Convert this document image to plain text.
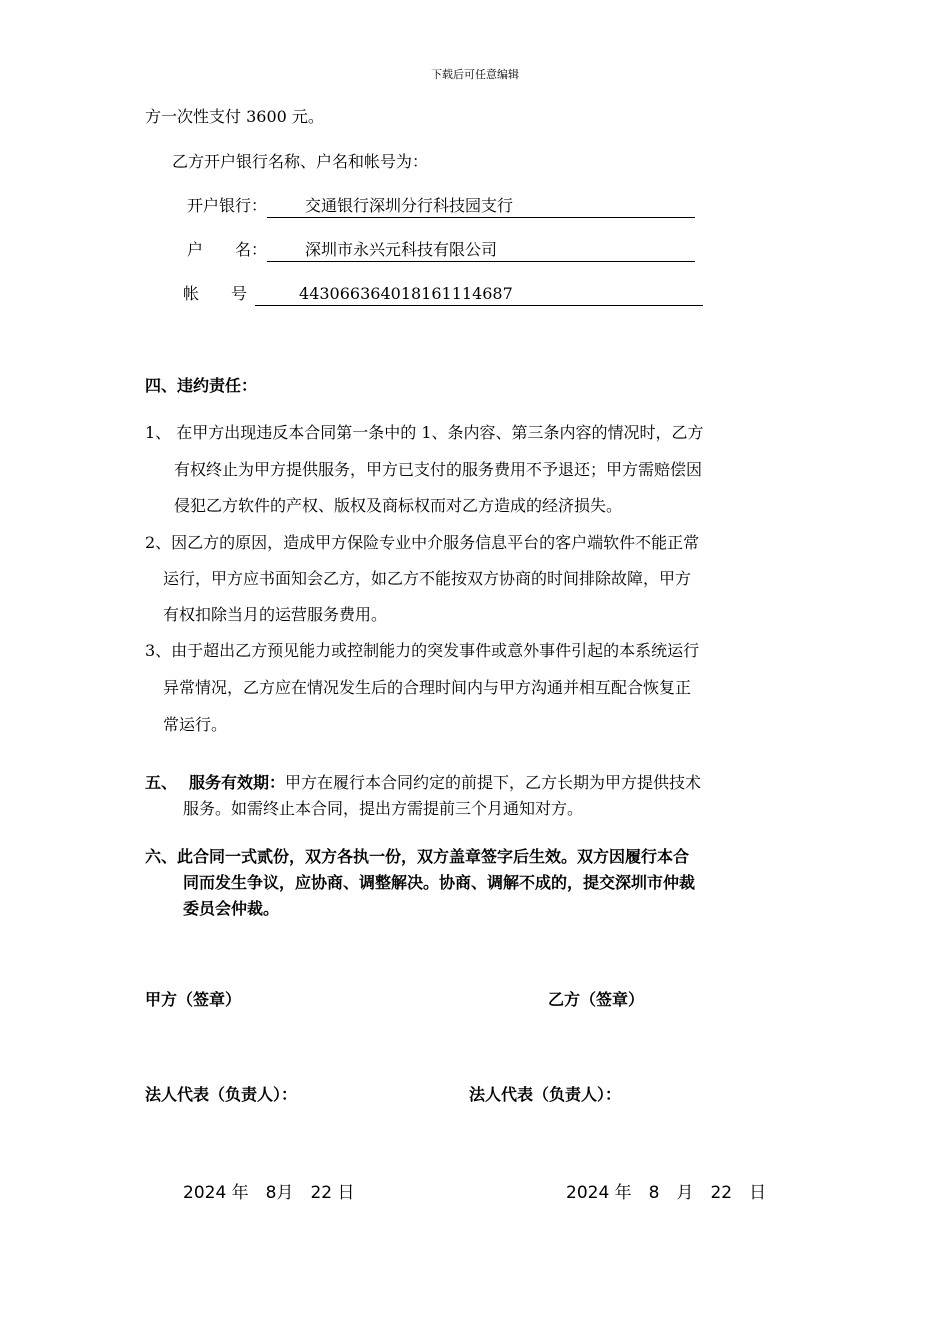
下载后可任意编辑
方一次性支付 3600 元。
乙方开户银行名称、户名和帐号为：
开户银行： 交通银行深圳分行科技园支行
户　　名： 深圳市永兴元科技有限公司
帐　　号	443066364018161114687
四、违约责任：
1、 在甲方出现违反本合同第一条中的 1、条内容、第三条内容的情况时，乙方
有权终止为甲方提供服务，甲方已支付的服务费用不予退还；甲方需赔偿因
侵犯乙方软件的产权、版权及商标权而对乙方造成的经济损失。
2、因乙方的原因，造成甲方保险专业中介服务信息平台的客户端软件不能正常
运行，甲方应书面知会乙方，如乙方不能按双方协商的时间排除故障，甲方
有权扣除当月的运营服务费用。
3、由于超出乙方预见能力或控制能力的突发事件或意外事件引起的本系统运行
异常情况，乙方应在情况发生后的合理时间内与甲方沟通并相互配合恢复正
常运行。
五、 服务有效期：甲方在履行本合同约定的前提下，乙方长期为甲方提供技术
服务。如需终止本合同，提出方需提前三个月通知对方。
六、此合同一式贰份，双方各执一份，双方盖章签字后生效。双方因履行本合
同而发生争议，应协商、调整解决。协商、调解不成的，提交深圳市仲裁
委员会仲裁。
甲方（签章）	乙方（签章）
法人代表（负责人）：	法人代表（负责人）：
2024 年　8月　22 日	2024 年　8　月　22　日
